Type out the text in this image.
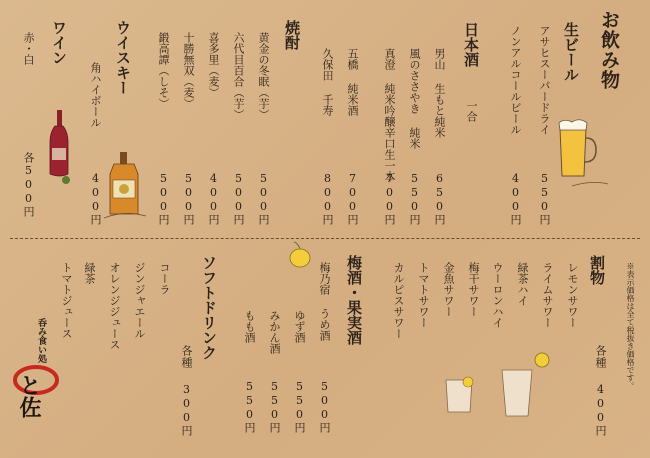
お飲み物
生ビール
アサヒスーパードライ
550円
ノンアルコールビール
400円
日本酒
一合
男山 生もと純米
650円
風のささやき 純米
550円
真澄 純米吟醸辛口生一本
700円
五橋 純米酒
700円
久保田 千寿
800円
焼酎
黄金の冬眠（芋）
500円
六代目百合（芋）
500円
喜多里（麦）
400円
十勝無双（麦）
500円
鍛高譚（しそ）
500円
ウイスキー
角ハイボール
400円
ワイン
赤・白
各500円
※表示価格は全て税抜き価格です。
割物
レモンサワー
ライムサワー
緑茶ハイ
ウーロンハイ
梅干サワー
金魚サワー
トマトサワー
カルピスサワー
各種 400円
梅酒・果実酒
梅乃宿 うめ酒
500円
ゆず酒
550円
みかん酒
550円
もも酒
550円
ソフトドリンク
各種 300円
コーラ
ジンジャエール
オレンジジュース
緑茶
トマトジュース
呑み食い処
と佐
